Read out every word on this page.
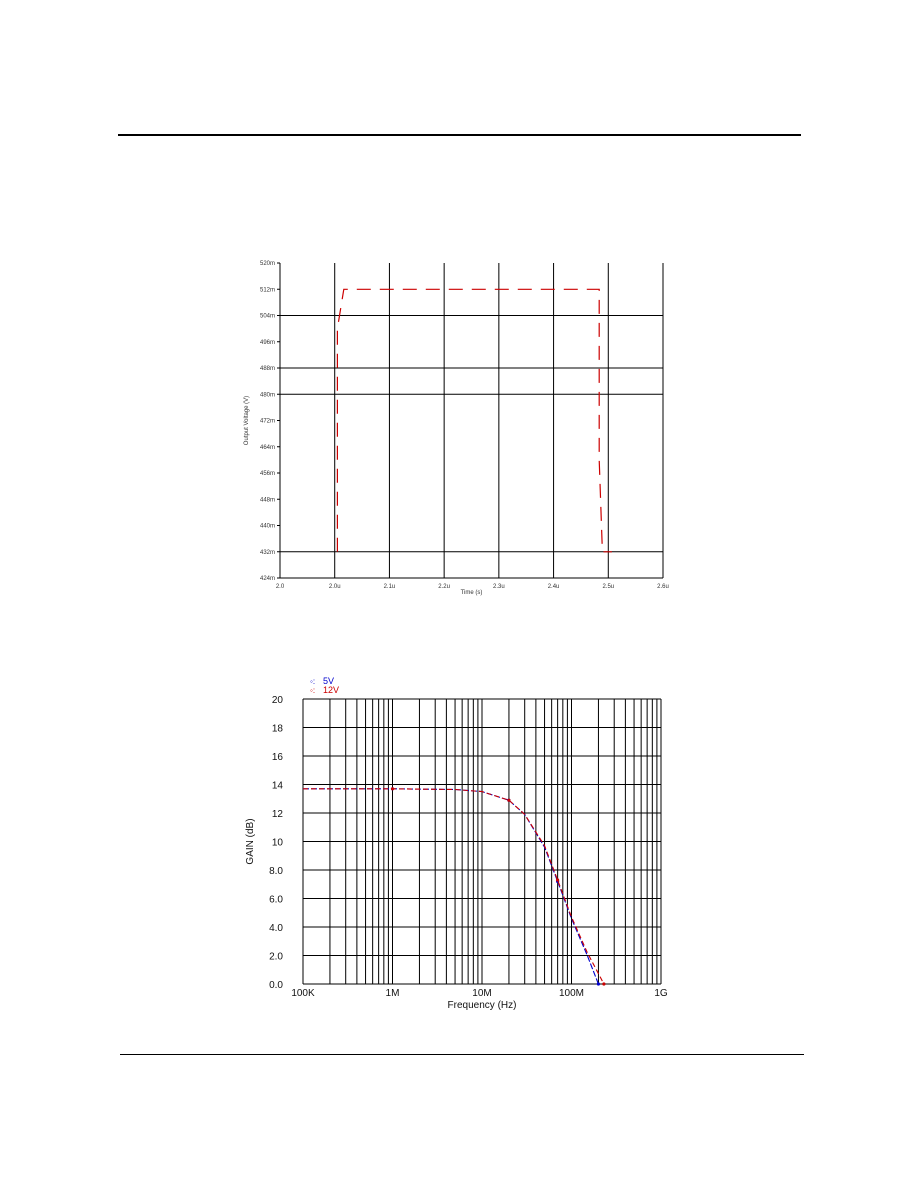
520m
512m
504m
496m
488m
480m
472m
464m
456m
448m
440m
432m
424m
2.0	2.0u	2.1u	2.2u	2.3u	2.4u	2.5u	2.6u
Output Voltage (V)
Time (s)
20
18
16
14
12
10
8.0
6.0
4.0
2.0
0.0
100K	1M	10M	100M	1G
Frequency (Hz)
GAIN (dB)
◦: 5V
◦: 12V
